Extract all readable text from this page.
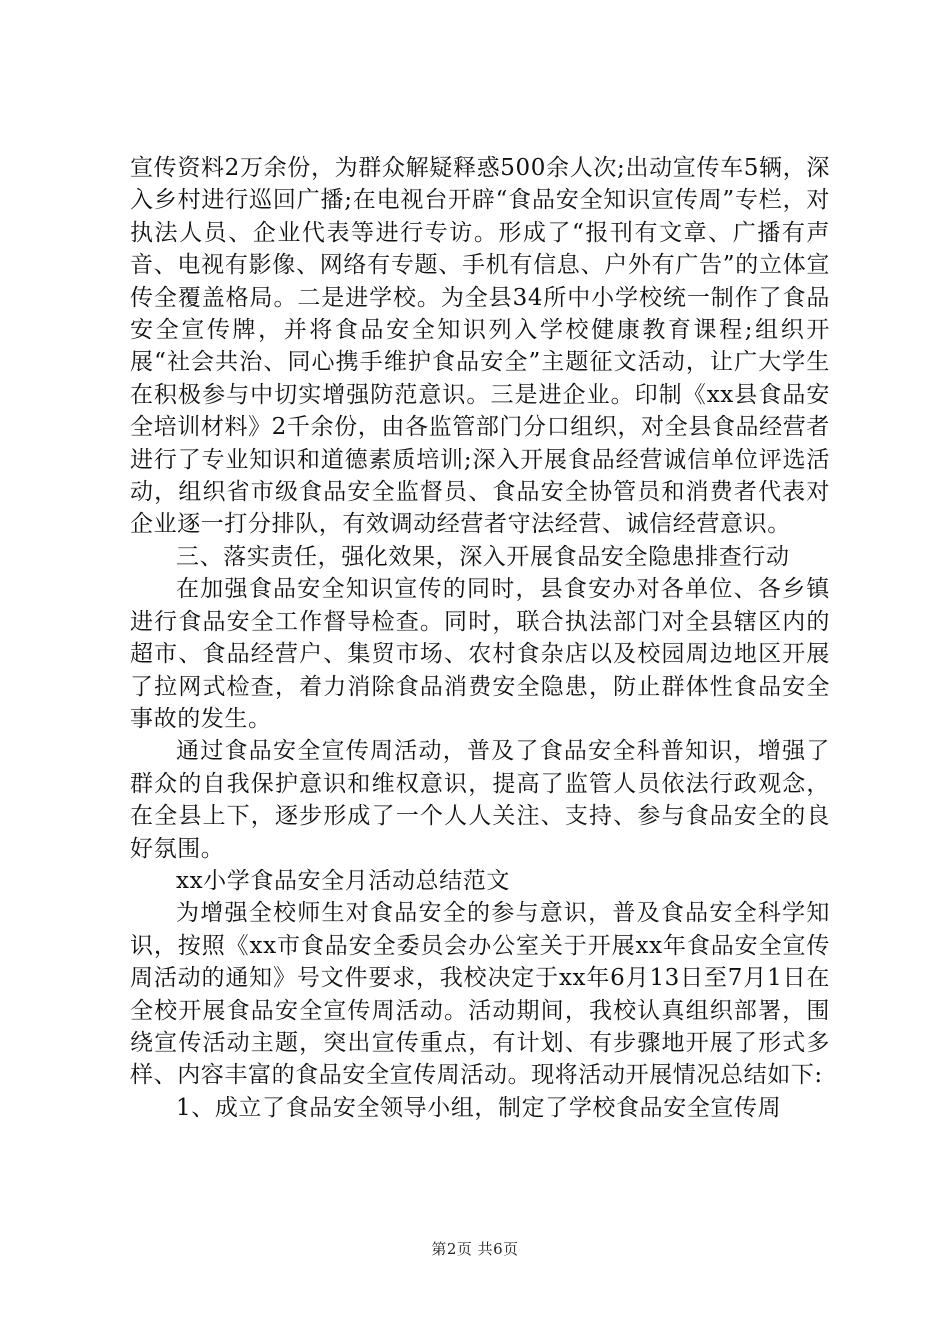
宣传资料2万余份，为群众解疑释惑500余人次;出动宣传车5辆，深入乡村进行巡回广播;在电视台开辟“食品安全知识宣传周”专栏，对执法人员、企业代表等进行专访。形成了“报刊有文章、广播有声音、电视有影像、网络有专题、手机有信息、户外有广告”的立体宣传全覆盖格局。二是进学校。为全县34所中小学校统一制作了食品安全宣传牌，并将食品安全知识列入学校健康教育课程;组织开展“社会共治、同心携手维护食品安全”主题征文活动，让广大学生在积极参与中切实增强防范意识。三是进企业。印制《xx县食品安全培训材料》2千余份，由各监管部门分口组织，对全县食品经营者进行了专业知识和道德素质培训;深入开展食品经营诚信单位评选活动，组织省市级食品安全监督员、食品安全协管员和消费者代表对企业逐一打分排队，有效调动经营者守法经营、诚信经营意识。

三、落实责任，强化效果，深入开展食品安全隐患排查行动

在加强食品安全知识宣传的同时，县食安办对各单位、各乡镇进行食品安全工作督导检查。同时，联合执法部门对全县辖区内的超市、食品经营户、集贸市场、农村食杂店以及校园周边地区开展了拉网式检查，着力消除食品消费安全隐患，防止群体性食品安全事故的发生。

通过食品安全宣传周活动，普及了食品安全科普知识，增强了群众的自我保护意识和维权意识，提高了监管人员依法行政观念，在全县上下，逐步形成了一个人人关注、支持、参与食品安全的良好氛围。

xx小学食品安全月活动总结范文

为增强全校师生对食品安全的参与意识，普及食品安全科学知识，按照《xx市食品安全委员会办公室关于开展xx年食品安全宣传周活动的通知》号文件要求，我校决定于xx年6月13日至7月1日在全校开展食品安全宣传周活动。活动期间，我校认真组织部署，围绕宣传活动主题，突出宣传重点，有计划、有步骤地开展了形式多样、内容丰富的食品安全宣传周活动。现将活动开展情况总结如下:

1、成立了食品安全领导小组，制定了学校食品安全宣传周

第2页 共6页
